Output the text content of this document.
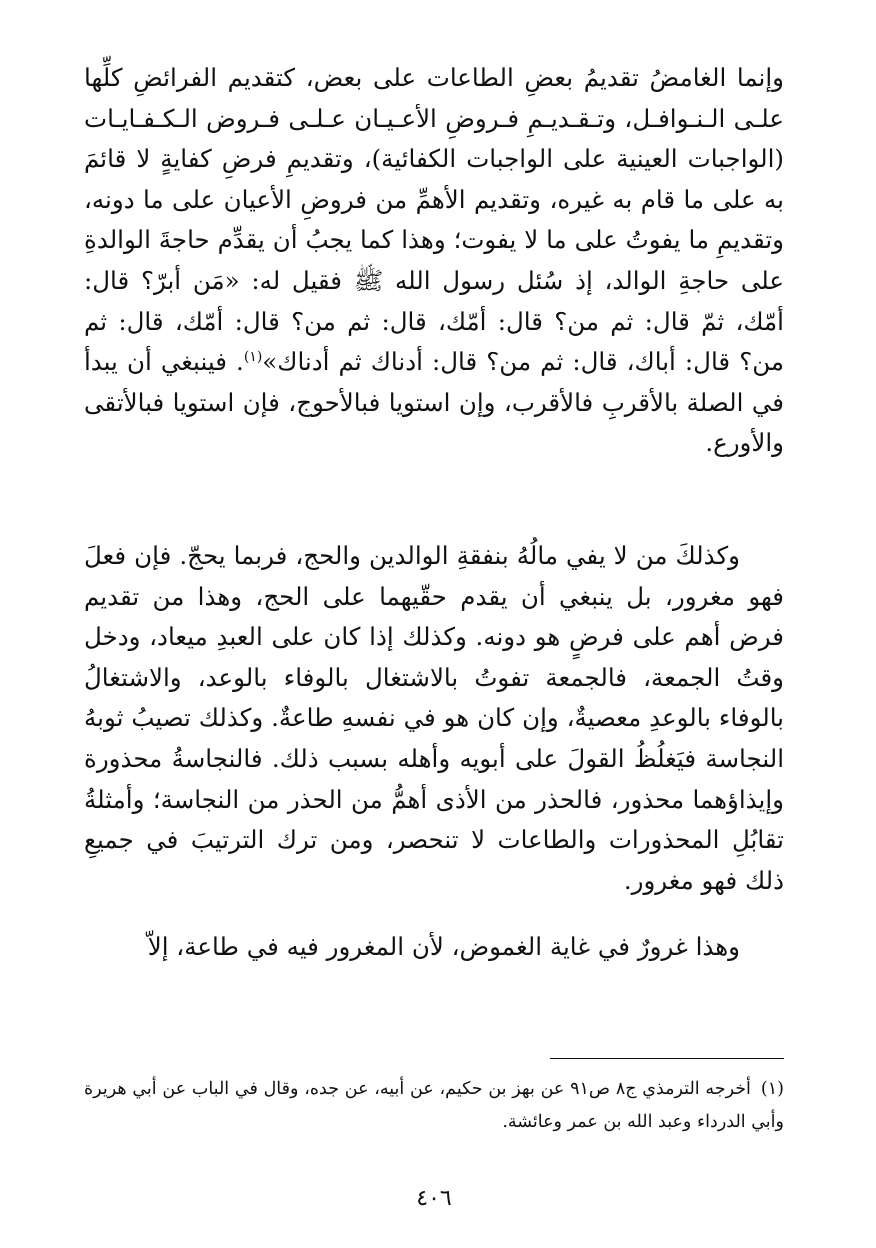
وإنما الغامضُ تقديمُ بعضِ الطاعات على بعض، كتقديم الفرائضِ كلِّها علـى الـنـوافـل، وتـقـديـمِ فـروضِ الأعـيـان عـلـى فـروض الـكـفـايـات (الواجبات العينية على الواجبات الكفائية)، وتقديمِ فرضِ كفايةٍ لا قائمَ به على ما قام به غيره، وتقديم الأهمِّ من فروضِ الأعيان على ما دونه، وتقديمِ ما يفوتُ على ما لا يفوت؛ وهذا كما يجبُ أن يقدِّم حاجةَ الوالدةِ على حاجةِ الوالد، إذ سُئل رسول الله ﷺ فقيل له: «مَن أبرّ؟ قال: أمّك، ثمّ قال: ثم من؟ قال: أمّك، قال: ثم من؟ قال: أمّك، قال: ثم من؟ قال: أباك، قال: ثم من؟ قال: أدناك ثم أدناك»$^{(١)}$. فينبغي أن يبدأ في الصلة بالأقربِ فالأقرب، وإن استويا فبالأحوج، فإن استويا فبالأتقى والأورع.

وكذلكَ من لا يفي مالُهُ بنفقةِ الوالدين والحج، فربما يحجّ. فإن فعلَ فهو مغرور، بل ينبغي أن يقدم حقّيهما على الحج، وهذا من تقديم فرض أهم على فرضٍ هو دونه. وكذلك إذا كان على العبدِ ميعاد، ودخل وقتُ الجمعة، فالجمعة تفوتُ بالاشتغال بالوفاء بالوعد، والاشتغالُ بالوفاء بالوعدِ معصيةٌ، وإن كان هو في نفسهِ طاعةٌ. وكذلك تصيبُ ثوبهُ النجاسة فيَغلُظُ القولَ على أبويه وأهله بسبب ذلك. فالنجاسةُ محذورة وإيذاؤهما محذور، فالحذر من الأذى أهمُّ من الحذر من النجاسة؛ وأمثلةُ تقابُلِ المحذورات والطاعات لا تنحصر، ومن ترك الترتيبَ في جميعِ ذلك فهو مغرور.

وهذا غرورٌ في غاية الغموض، لأن المغرور فيه في طاعة، إلاّ

(١)أخرجه الترمذي ج٨ ص٩١ عن بهز بن حكيم، عن أبيه، عن جده، وقال في الباب عن أبي هريرة وأبي الدرداء وعبد الله بن عمر وعائشة.

٤٠٦
